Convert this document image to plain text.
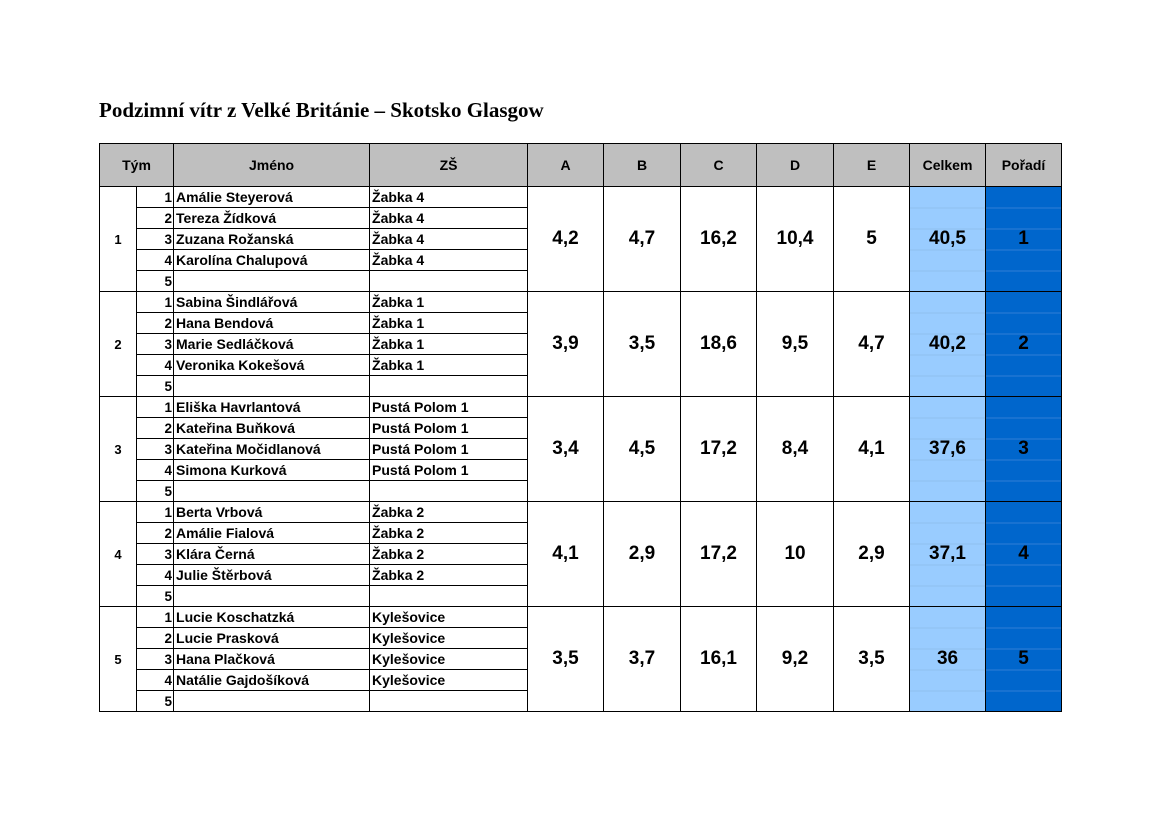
Podzimní vítr z Velké Británie – Skotsko Glasgow
Tým		Jméno	ZŠ	A	B	C	D	E	Celkem	Pořadí
1	1	Amálie Steyerová	Žabka 4	4,2	4,7	16,2	10,4	5	40,5	1
	2	Tereza Žídková	Žabka 4							
	3	Zuzana Rožanská	Žabka 4							
	4	Karolína Chalupová	Žabka 4							
	5									
2	1	Sabina Šindlářová	Žabka 1	3,9	3,5	18,6	9,5	4,7	40,2	2
	2	Hana Bendová	Žabka 1							
	3	Marie Sedláčková	Žabka 1							
	4	Veronika Kokešová	Žabka 1							
	5									
3	1	Eliška Havrlantová	Pustá Polom 1	3,4	4,5	17,2	8,4	4,1	37,6	3
	2	Kateřina Buňková	Pustá Polom 1							
	3	Kateřina Močidlanová	Pustá Polom 1							
	4	Simona Kurková	Pustá Polom 1							
	5									
4	1	Berta Vrbová	Žabka 2	4,1	2,9	17,2	10	2,9	37,1	4
	2	Amálie Fialová	Žabka 2							
	3	Klára Černá	Žabka 2							
	4	Julie Štěrbová	Žabka 2							
	5									
5	1	Lucie Koschatzká	Kylešovice	3,5	3,7	16,1	9,2	3,5	36	5
	2	Lucie Prasková	Kylešovice							
	3	Hana Plačková	Kylešovice							
	4	Natálie Gajdošíková	Kylešovice							
	5									
